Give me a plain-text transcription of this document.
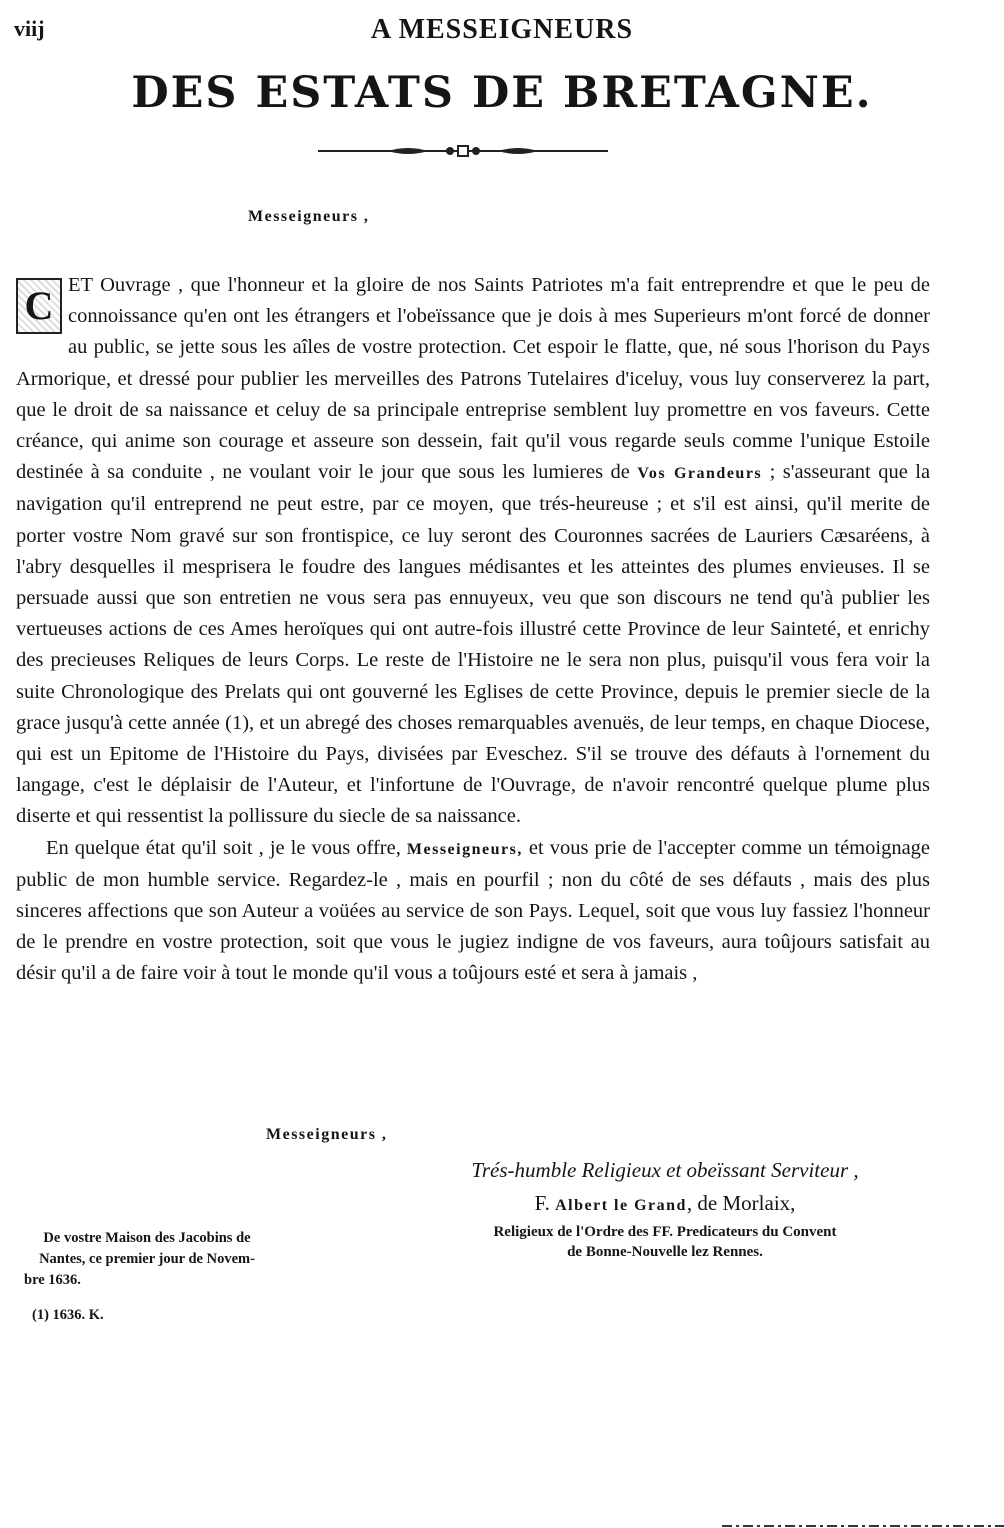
viij	A MESSEIGNEURS
DES ESTATS DE BRETAGNE.
Messeigneurs ,

C ET Ouvrage , que l'honneur et la gloire de nos Saints Patriotes m'a fait entreprendre et que le peu de connoissance qu'en ont les étrangers et l'obeïssance que je dois à mes Superieurs m'ont forcé de donner au public, se jette sous les aîles de vostre protection. Cet espoir le flatte, que, né sous l'horison du Pays Armorique, et dressé pour publier les merveilles des Patrons Tutelaires d'iceluy, vous luy conserverez la part, que le droit de sa naissance et celuy de sa principale entreprise semblent luy promettre en vos faveurs. Cette créance, qui anime son courage et asseure son dessein, fait qu'il vous regarde seuls comme l'unique Estoile destinée à sa conduite , ne voulant voir le jour que sous les lumieres de Vos Grandeurs ; s'asseurant que la navigation qu'il entreprend ne peut estre, par ce moyen, que trés-heureuse ; et s'il est ainsi, qu'il merite de porter vostre Nom gravé sur son frontispice, ce luy seront des Couronnes sacrées de Lauriers Cæsaréens, à l'abry desquelles il mesprisera le foudre des langues médisantes et les atteintes des plumes envieuses. Il se persuade aussi que son entretien ne vous sera pas ennuyeux, veu que son discours ne tend qu'à publier les vertueuses actions de ces Ames heroïques qui ont autre-fois illustré cette Province de leur Sainteté, et enrichy des precieuses Reliques de leurs Corps. Le reste de l'Histoire ne le sera non plus, puisqu'il vous fera voir la suite Chronologique des Prelats qui ont gouverné les Eglises de cette Province, depuis le premier siecle de la grace jusqu'à cette année (1), et un abregé des choses remarquables avenuës, de leur temps, en chaque Diocese, qui est un Epitome de l'Histoire du Pays, divisées par Eveschez. S'il se trouve des défauts à l'ornement du langage, c'est le déplaisir de l'Auteur, et l'infortune de l'Ouvrage, de n'avoir rencontré quelque plume plus diserte et qui ressentist la pollissure du siecle de sa naissance.

En quelque état qu'il soit , je le vous offre, Messeigneurs, et vous prie de l'accepter comme un témoignage public de mon humble service. Regardez-le , mais en pourfil ; non du côté de ses défauts , mais des plus sinceres affections que son Auteur a voüées au service de son Pays. Lequel, soit que vous luy fassiez l'honneur de le prendre en vostre protection, soit que vous le jugiez indigne de vos faveurs, aura toûjours satisfait au désir qu'il a de faire voir à tout le monde qu'il vous a toûjours esté et sera à jamais ,

Messeigneurs ,
Trés-humble Religieux et obeïssant Serviteur ,
F. Albert le Grand, de Morlaix,
Religieux de l'Ordre des FF. Predicateurs du Convent
de Bonne-Nouvelle lez Rennes.
De vostre Maison des Jacobins de
Nantes, ce premier jour de Novem-
bre 1636.
(1) 1636. K.
